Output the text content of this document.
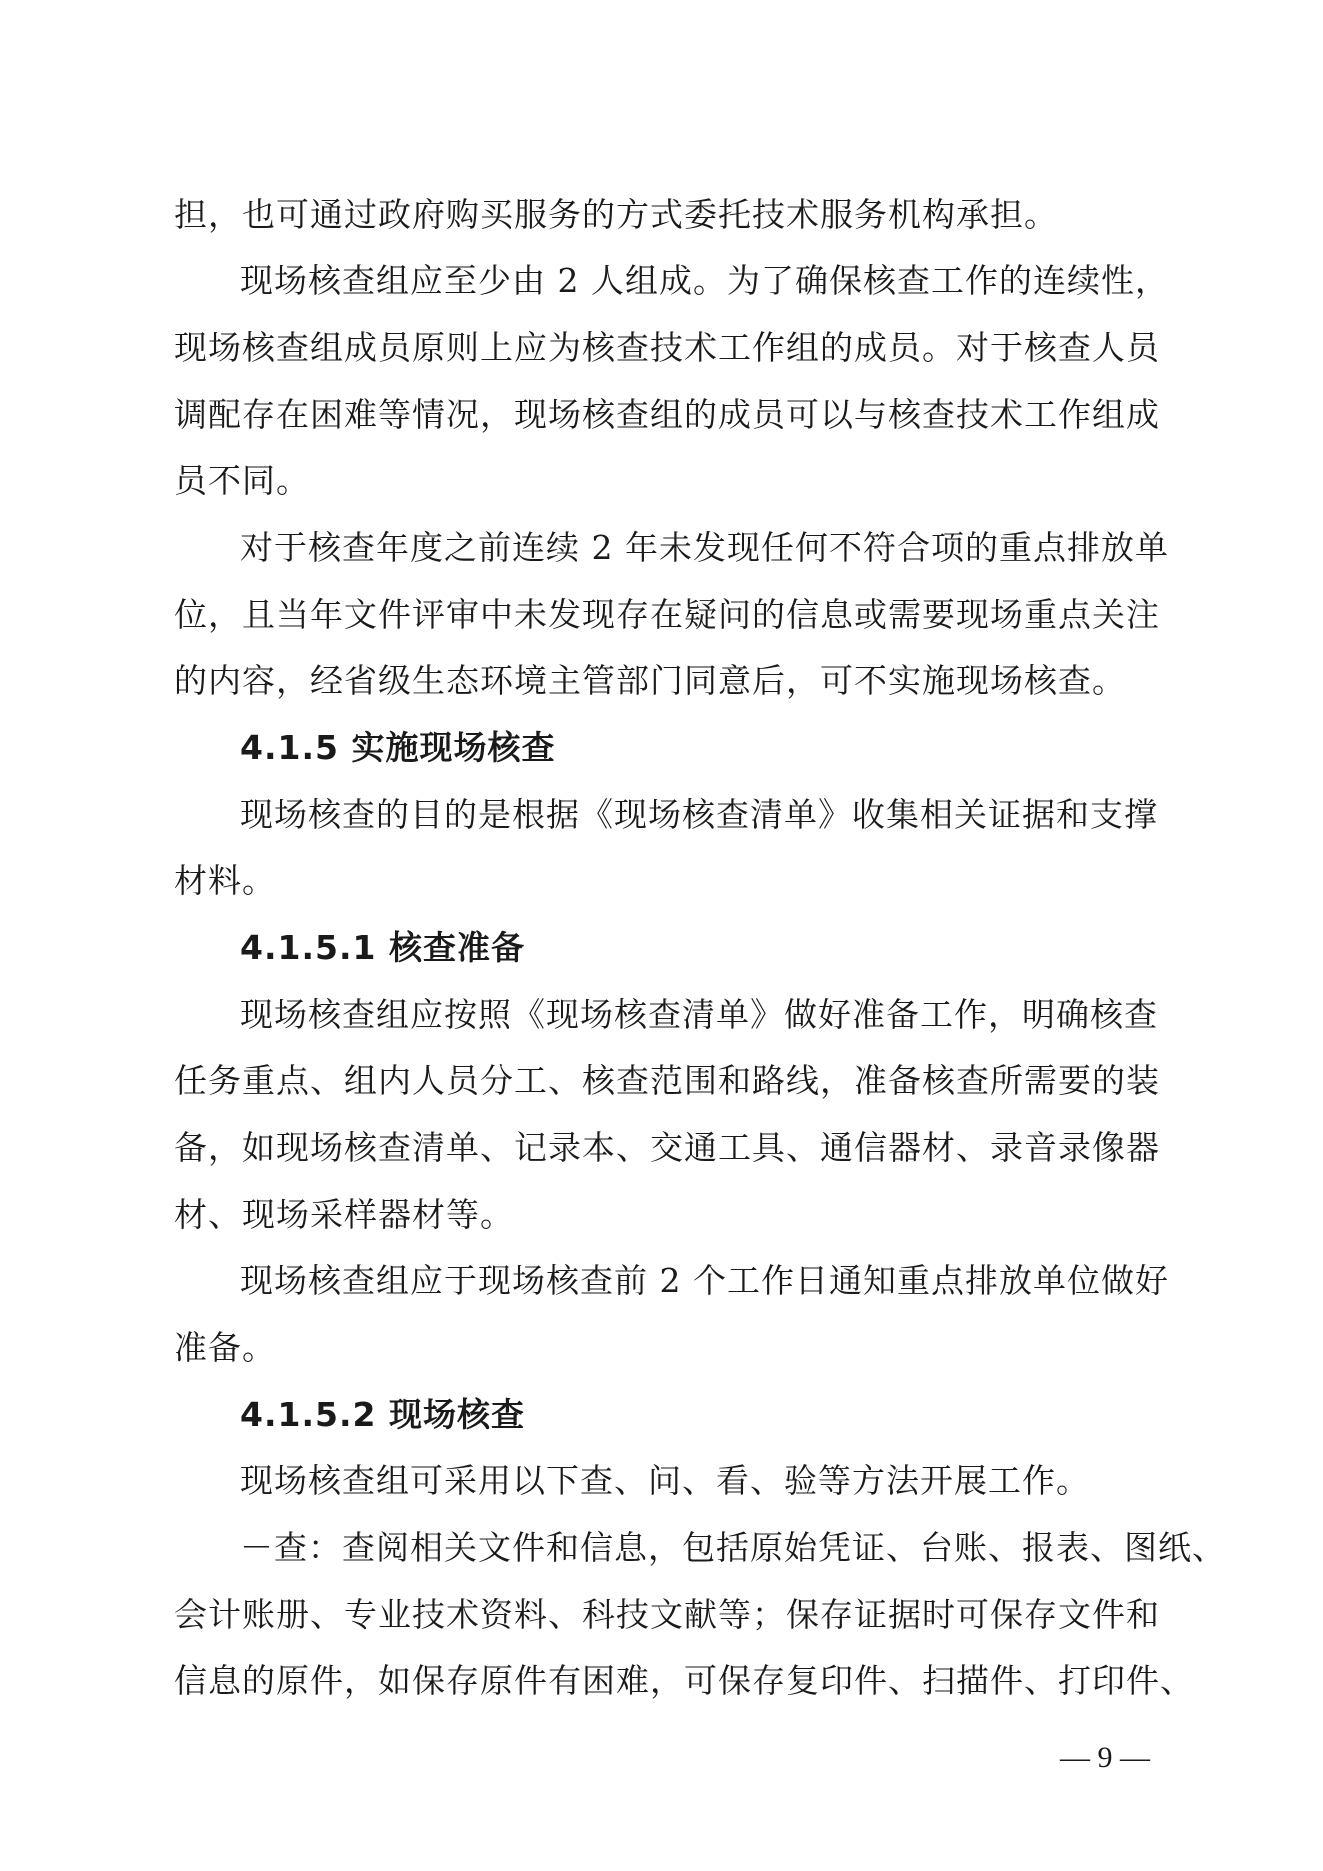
担，也可通过政府购买服务的方式委托技术服务机构承担。
现场核查组应至少由 2 人组成。为了确保核查工作的连续性，
现场核查组成员原则上应为核查技术工作组的成员。对于核查人员
调配存在困难等情况，现场核查组的成员可以与核查技术工作组成
员不同。
对于核查年度之前连续 2 年未发现任何不符合项的重点排放单
位，且当年文件评审中未发现存在疑问的信息或需要现场重点关注
的内容，经省级生态环境主管部门同意后，可不实施现场核查。
4.1.5 实施现场核查
现场核查的目的是根据《现场核查清单》收集相关证据和支撑
材料。
4.1.5.1 核查准备
现场核查组应按照《现场核查清单》做好准备工作，明确核查
任务重点、组内人员分工、核查范围和路线，准备核查所需要的装
备，如现场核查清单、记录本、交通工具、通信器材、录音录像器
材、现场采样器材等。
现场核查组应于现场核查前 2 个工作日通知重点排放单位做好
准备。
4.1.5.2 现场核查
现场核查组可采用以下查、问、看、验等方法开展工作。
－查：查阅相关文件和信息，包括原始凭证、台账、报表、图纸、
会计账册、专业技术资料、科技文献等；保存证据时可保存文件和
信息的原件，如保存原件有困难，可保存复印件、扫描件、打印件、
— 9 —
